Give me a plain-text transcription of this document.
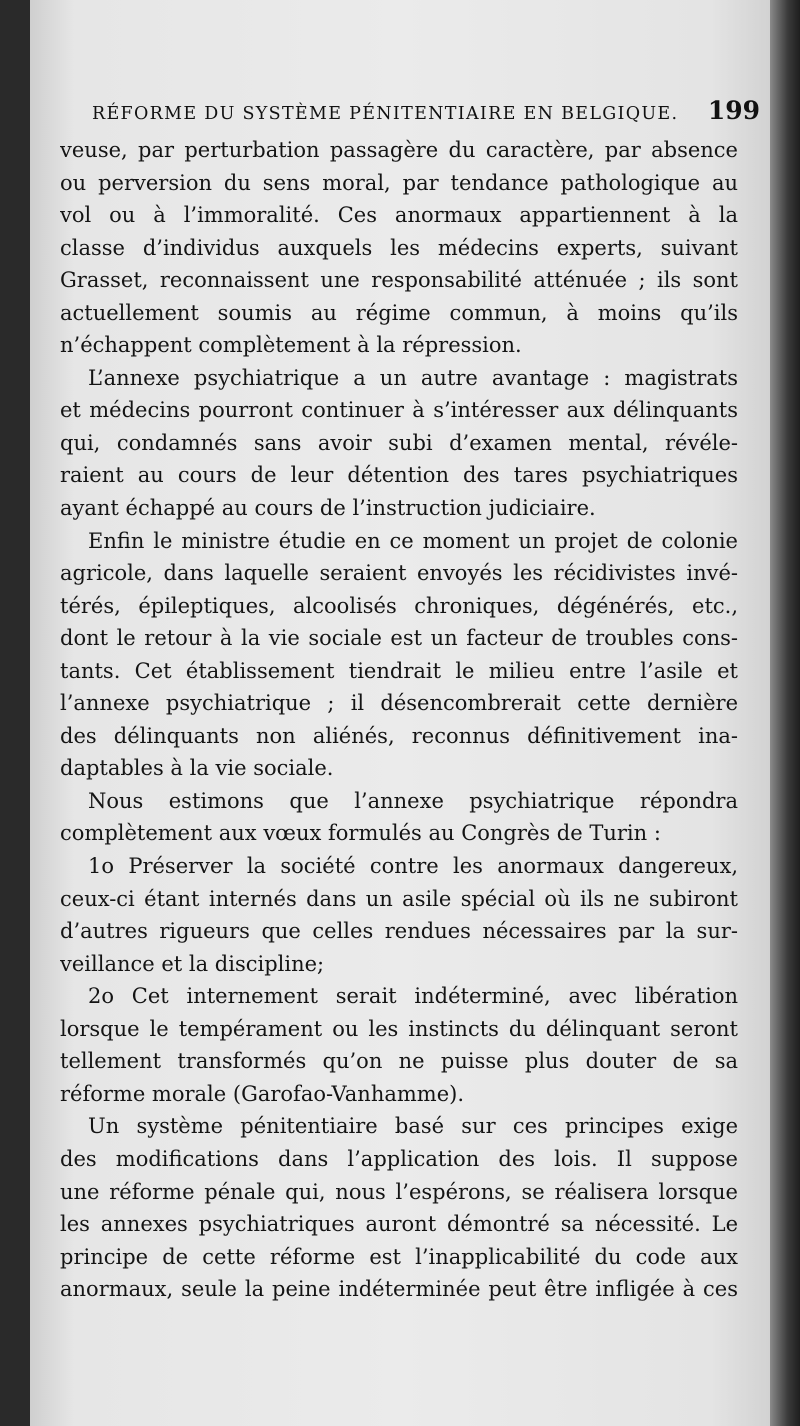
RÉFORME DU SYSTÈME PÉNITENTIAIRE EN BELGIQUE. 199
veuse, par perturbation passagère du caractère, par absence
ou perversion du sens moral, par tendance pathologique au
vol ou à l’immoralité. Ces anormaux appartiennent à la
classe d’individus auxquels les médecins experts, suivant
Grasset, reconnaissent une responsabilité atténuée ; ils sont
actuellement soumis au régime commun, à moins qu’ils
n’échappent complètement à la répression.
L’annexe psychiatrique a un autre avantage : magistrats
et médecins pourront continuer à s’intéresser aux délinquants
qui, condamnés sans avoir subi d’examen mental, révéle-
raient au cours de leur détention des tares psychiatriques
ayant échappé au cours de l’instruction judiciaire.
Enfin le ministre étudie en ce moment un projet de colonie
agricole, dans laquelle seraient envoyés les récidivistes invé-
térés, épileptiques, alcoolisés chroniques, dégénérés, etc.,
dont le retour à la vie sociale est un facteur de troubles cons-
tants. Cet établissement tiendrait le milieu entre l’asile et
l’annexe psychiatrique ; il désencombrerait cette dernière
des délinquants non aliénés, reconnus définitivement ina-
daptables à la vie sociale.
Nous estimons que l’annexe psychiatrique répondra
complètement aux vœux formulés au Congrès de Turin :
1o Préserver la société contre les anormaux dangereux,
ceux-ci étant internés dans un asile spécial où ils ne subiront
d’autres rigueurs que celles rendues nécessaires par la sur-
veillance et la discipline;
2o Cet internement serait indéterminé, avec libération
lorsque le tempérament ou les instincts du délinquant seront
tellement transformés qu’on ne puisse plus douter de sa
réforme morale (Garofao-Vanhamme).
Un système pénitentiaire basé sur ces principes exige
des modifications dans l’application des lois. Il suppose
une réforme pénale qui, nous l’espérons, se réalisera lorsque
les annexes psychiatriques auront démontré sa nécessité. Le
principe de cette réforme est l’inapplicabilité du code aux
anormaux, seule la peine indéterminée peut être infligée à ces
